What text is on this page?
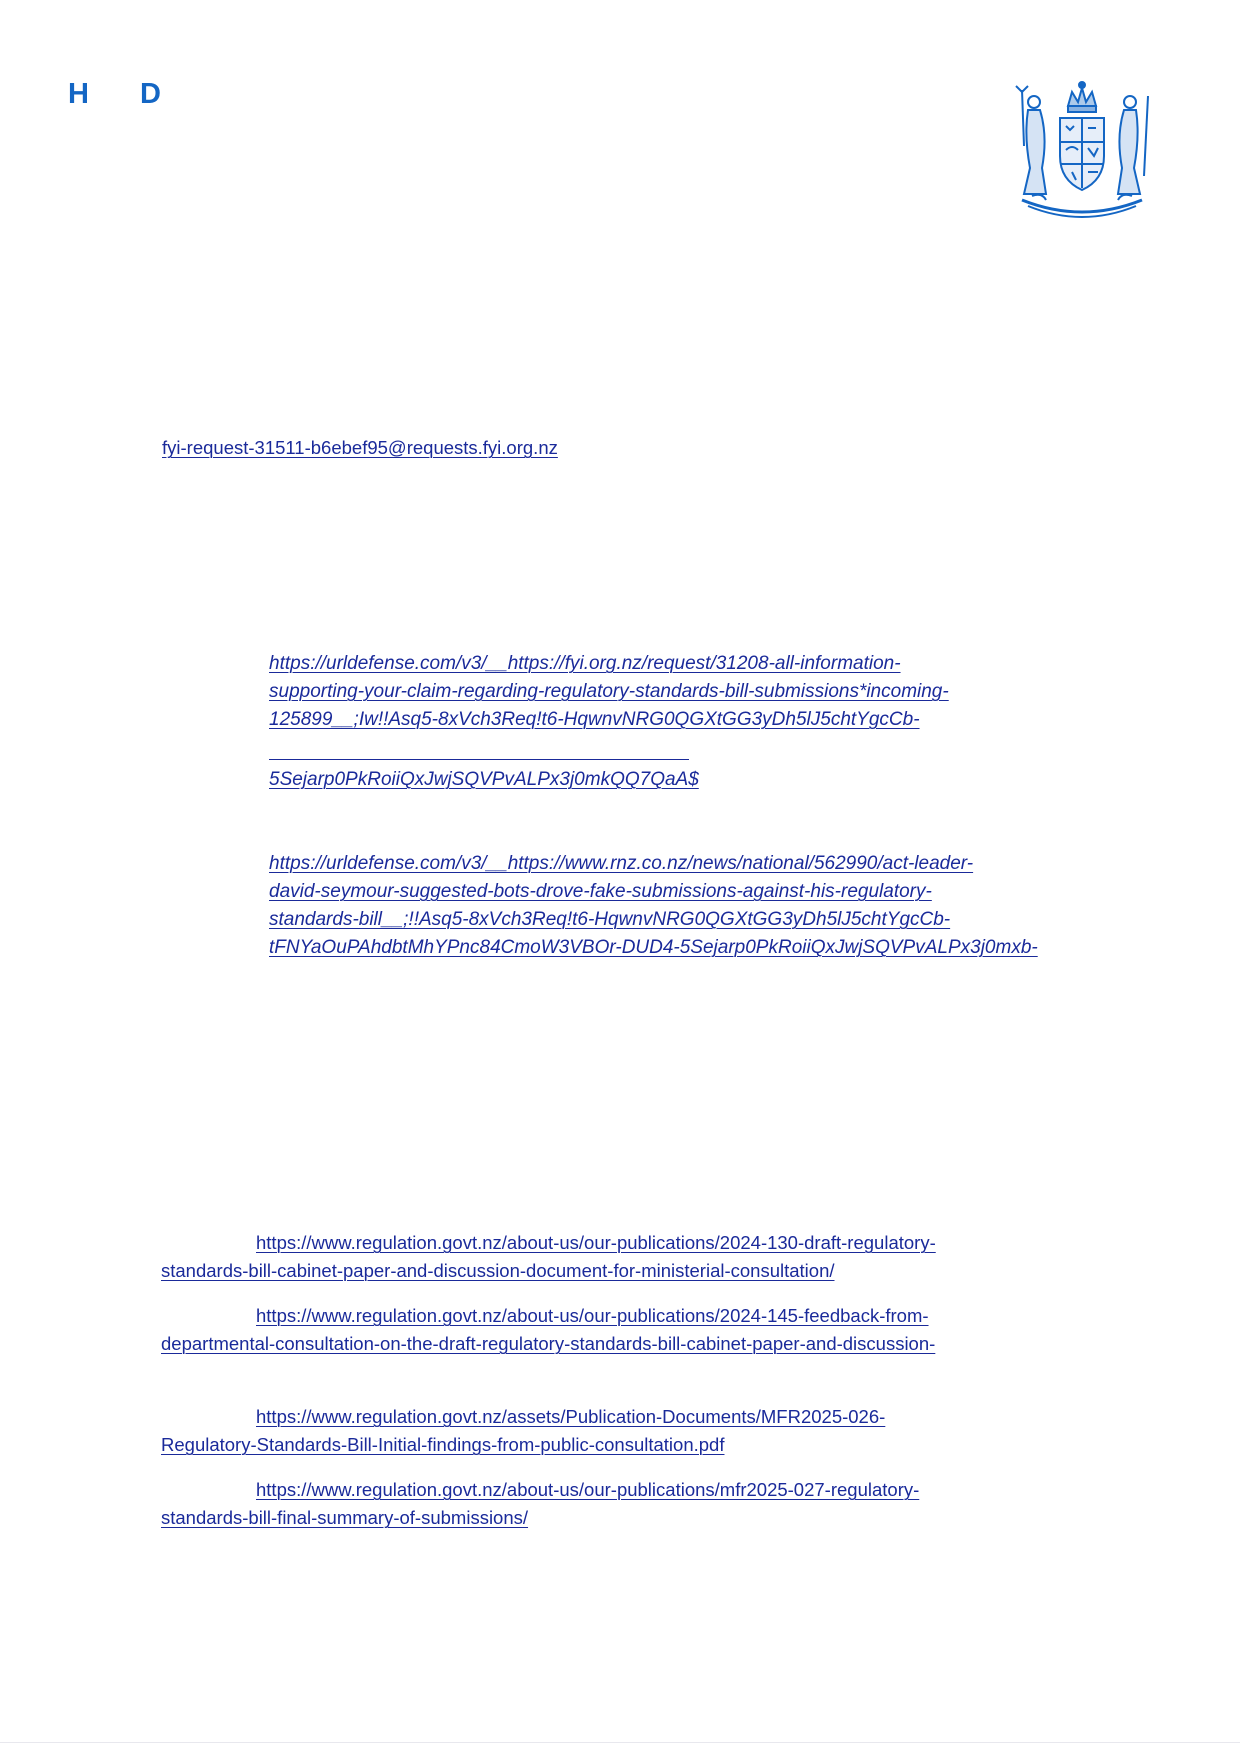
H D
fyi-request-31511-b6ebef95@requests.fyi.org.nz
https://urldefense.com/v3/__https://fyi.org.nz/request/31208-all-information-
supporting-your-claim-regarding-regulatory-standards-bill-submissions*incoming-
125899__;Iw!!Asq5-8xVch3Req!t6-HqwnvNRG0QGXtGG3yDh5lJ5chtYgcCb-
5Sejarp0PkRoiiQxJwjSQVPvALPx3j0mkQQ7QaA$
https://urldefense.com/v3/__https://www.rnz.co.nz/news/national/562990/act-leader-
david-seymour-suggested-bots-drove-fake-submissions-against-his-regulatory-
standards-bill__;!!Asq5-8xVch3Req!t6-HqwnvNRG0QGXtGG3yDh5lJ5chtYgcCb-
tFNYaOuPAhdbtMhYPnc84CmoW3VBOr-DUD4-5Sejarp0PkRoiiQxJwjSQVPvALPx3j0mxb-
https://www.regulation.govt.nz/about-us/our-publications/2024-130-draft-regulatory-
standards-bill-cabinet-paper-and-discussion-document-for-ministerial-consultation/
https://www.regulation.govt.nz/about-us/our-publications/2024-145-feedback-from-
departmental-consultation-on-the-draft-regulatory-standards-bill-cabinet-paper-and-discussion-
https://www.regulation.govt.nz/assets/Publication-Documents/MFR2025-026-
Regulatory-Standards-Bill-Initial-findings-from-public-consultation.pdf
https://www.regulation.govt.nz/about-us/our-publications/mfr2025-027-regulatory-
standards-bill-final-summary-of-submissions/
